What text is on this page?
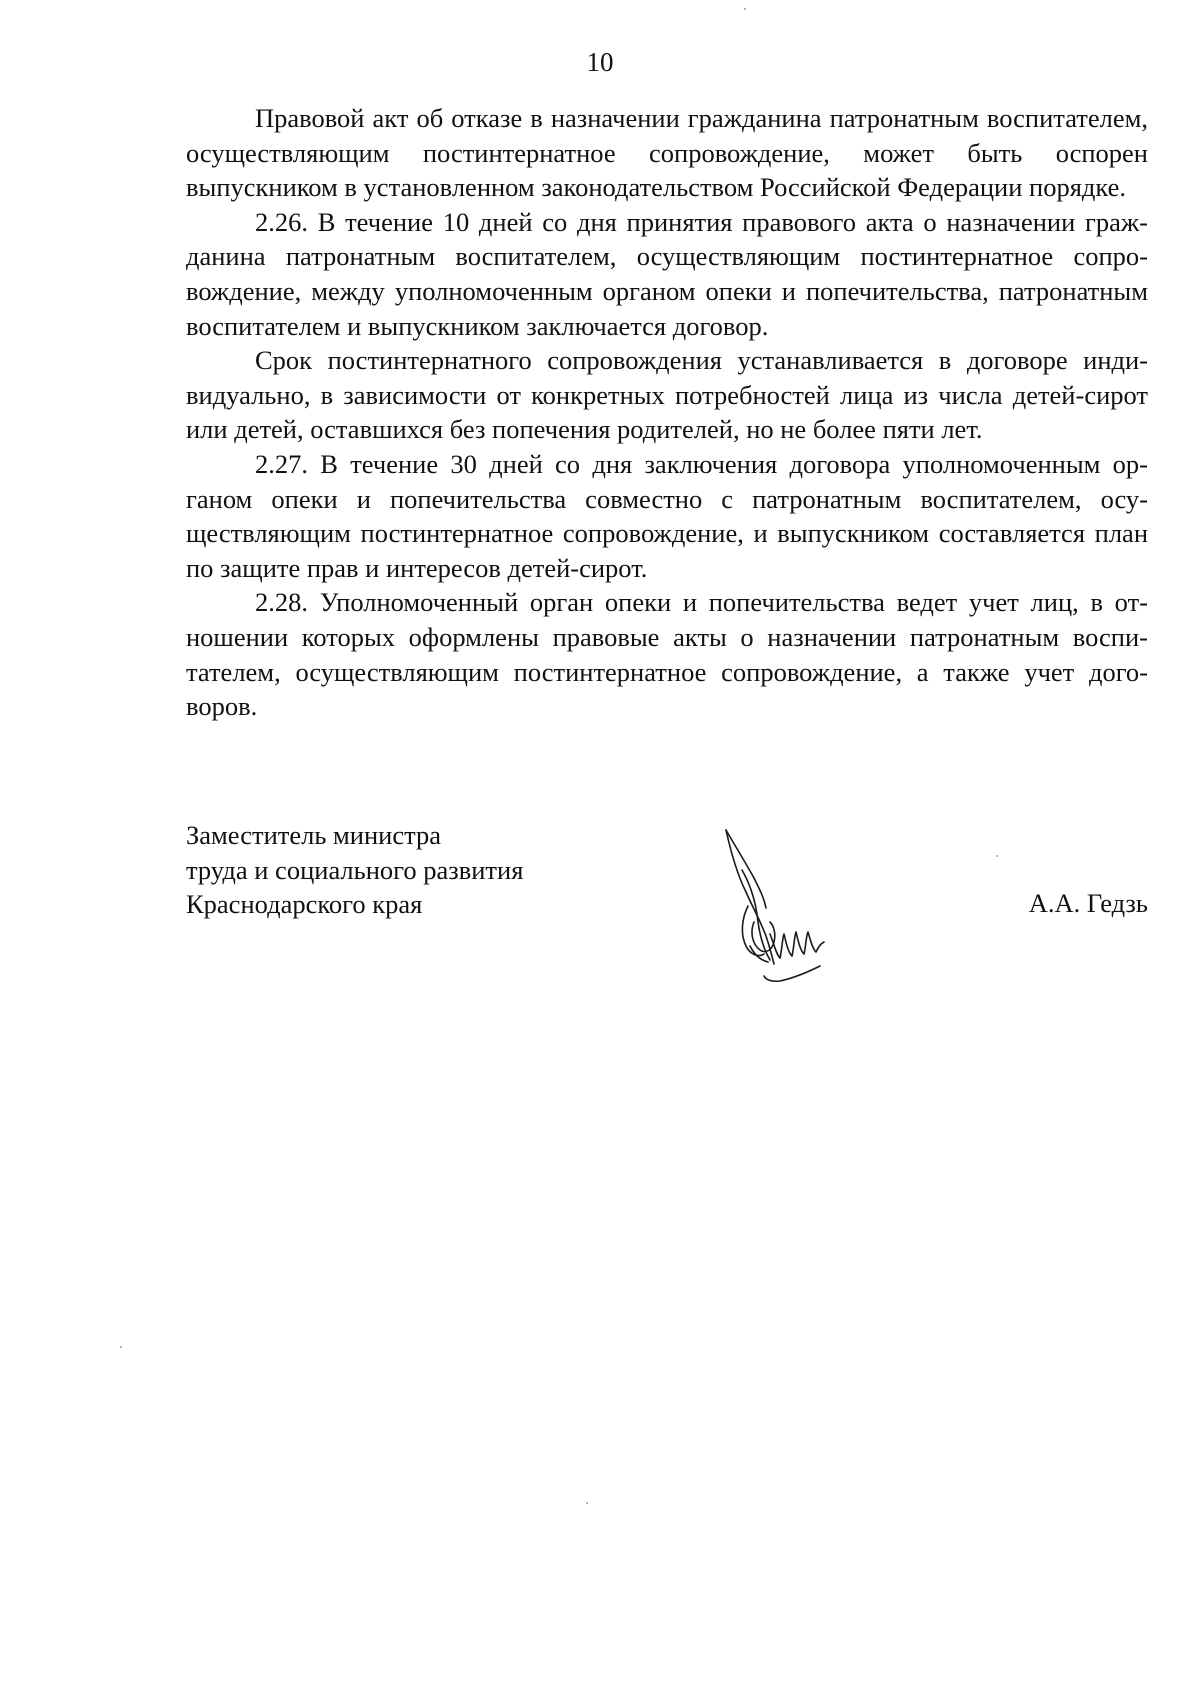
10

Правовой акт об отказе в назначении гражданина патронатным воспитателем, осуществляющим постинтернатное сопровождение, может быть оспорен выпускником в установленном законодательством Российской Федерации порядке.

2.26. В течение 10 дней со дня принятия правового акта о назначении гражданина патронатным воспитателем, осуществляющим постинтернатное сопровождение, между уполномоченным органом опеки и попечительства, патронатным воспитателем и выпускником заключается договор.

Срок постинтернатного сопровождения устанавливается в договоре индивидуально, в зависимости от конкретных потребностей лица из числа детей-сирот или детей, оставшихся без попечения родителей, но не более пяти лет.

2.27. В течение 30 дней со дня заключения договора уполномоченным органом опеки и попечительства совместно с патронатным воспитателем, осуществляющим постинтернатное сопровождение, и выпускником составляется план по защите прав и интересов детей-сирот.

2.28. Уполномоченный орган опеки и попечительства ведет учет лиц, в отношении которых оформлены правовые акты о назначении патронатным воспитателем, осуществляющим постинтернатное сопровождение, а также учет договоров.

Заместитель министра
труда и социального развития
Краснодарского края	А.А. Гедзь
